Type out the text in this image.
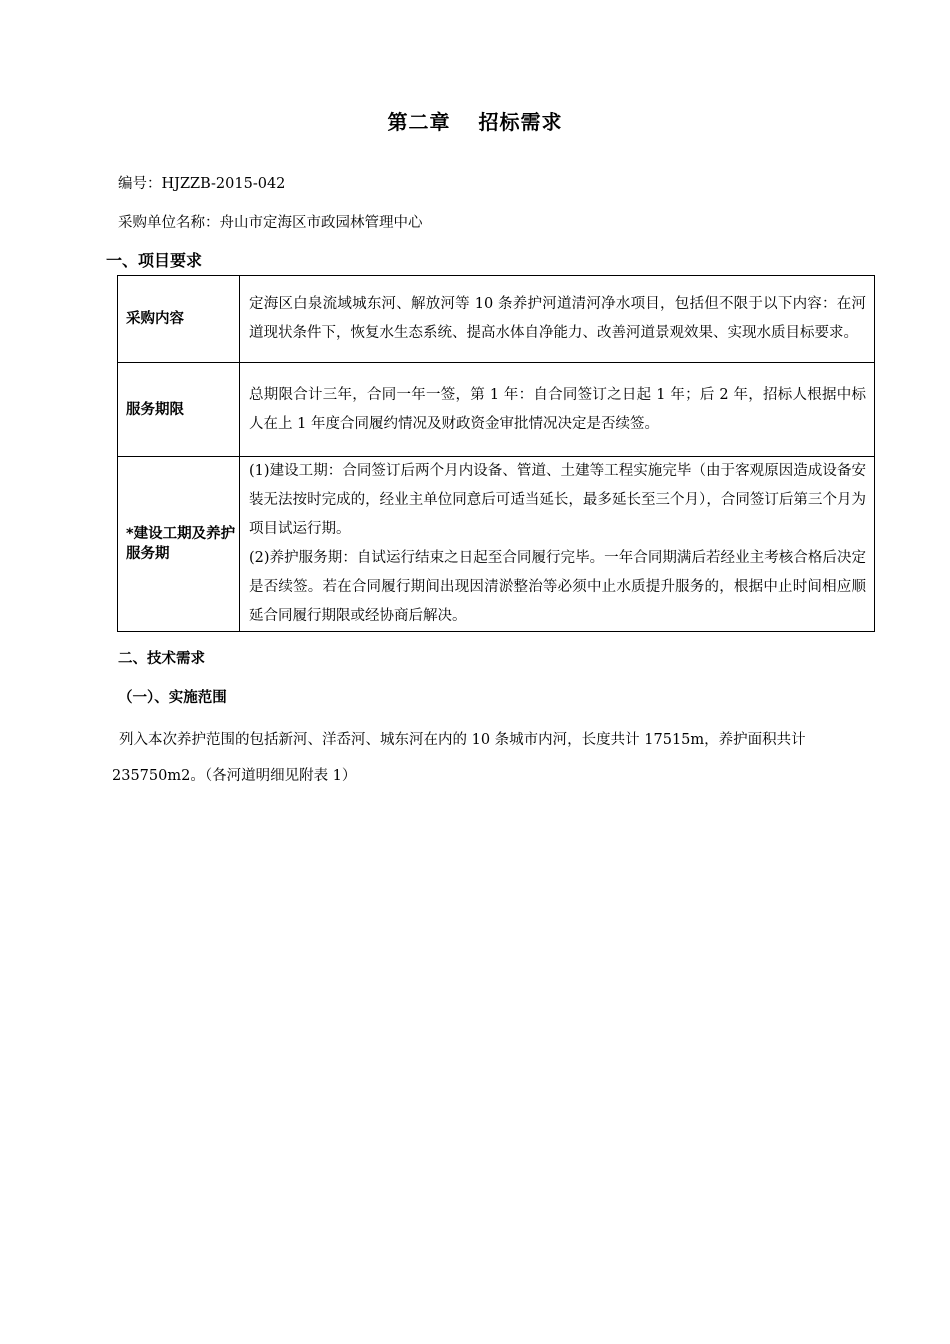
第二章 招标需求
编号：HJZZB-2015-042
采购单位名称：舟山市定海区市政园林管理中心
一、项目要求
采购内容	定海区白泉流域城东河、解放河等 10 条养护河道清河净水项目，包括但不限于以下内容：在河道现状条件下，恢复水生态系统、提高水体自净能力、改善河道景观效果、实现水质目标要求。
服务期限	总期限合计三年，合同一年一签，第 1 年：自合同签订之日起 1 年；后 2 年，招标人根据中标人在上 1 年度合同履约情况及财政资金审批情况决定是否续签。
*建设工期及养护服务期	(1)建设工期：合同签订后两个月内设备、管道、土建等工程实施完毕（由于客观原因造成设备安装无法按时完成的，经业主单位同意后可适当延长，最多延长至三个月），合同签订后第三个月为项目试运行期。
(2)养护服务期：自试运行结束之日起至合同履行完毕。一年合同期满后若经业主考核合格后决定是否续签。若在合同履行期间出现因清淤整治等必须中止水质提升服务的，根据中止时间相应顺延合同履行期限或经协商后解决。
二、技术需求
（一）、实施范围
列入本次养护范围的包括新河、洋岙河、城东河在内的 10 条城市内河，长度共计 17515m，养护面积共计 235750m2。（各河道明细见附表 1）
